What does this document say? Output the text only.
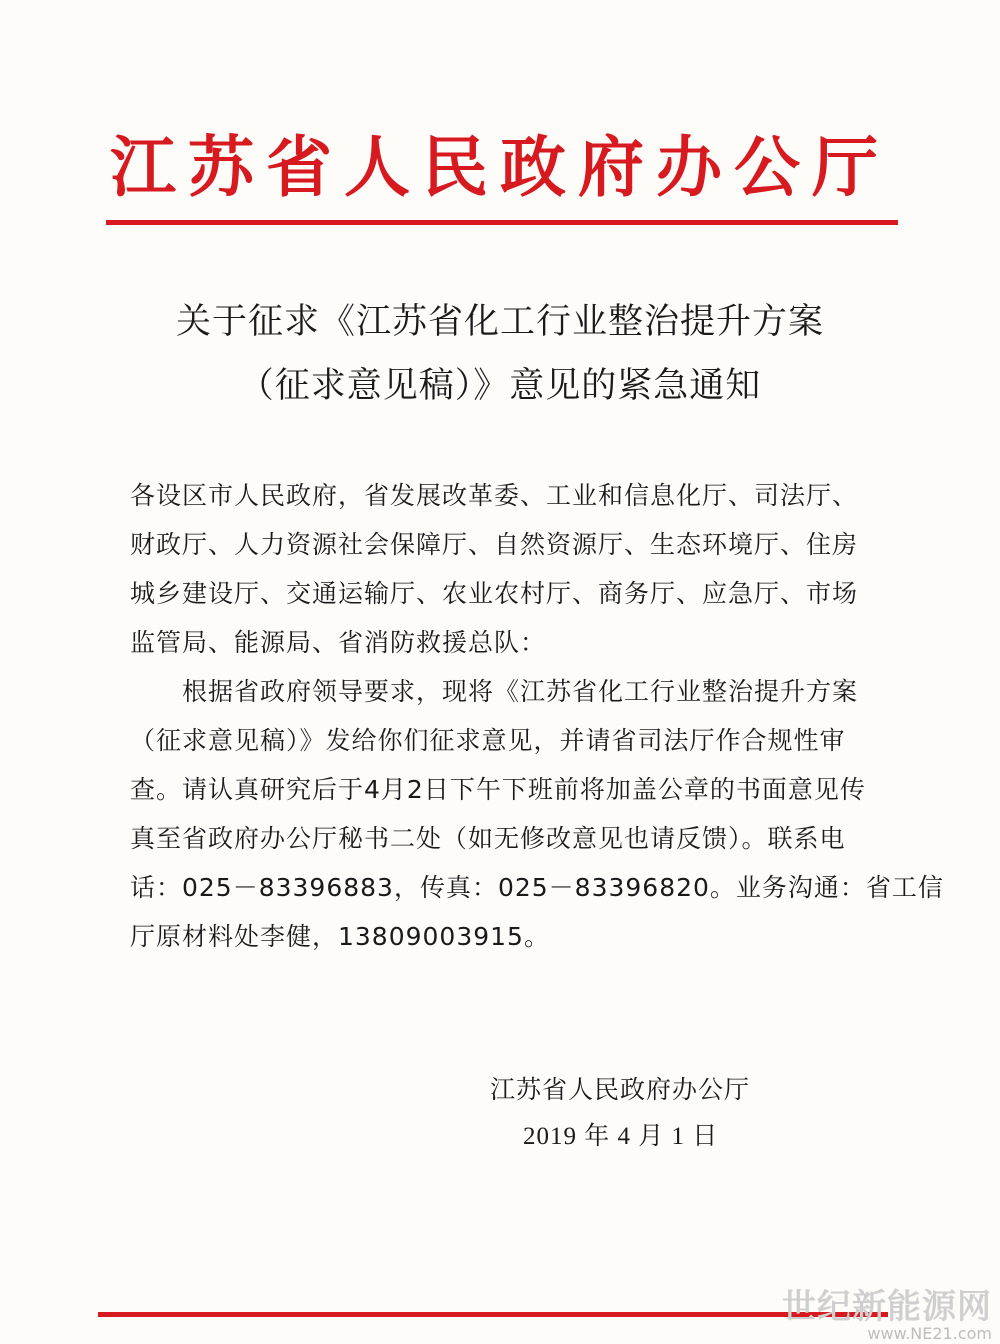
江苏省人民政府办公厅
关于征求《江苏省化工行业整治提升方案
（征求意见稿）》意见的紧急通知
各设区市人民政府，省发展改革委、工业和信息化厅、司法厅、
财政厅、人力资源社会保障厅、自然资源厅、生态环境厅、住房
城乡建设厅、交通运输厅、农业农村厅、商务厅、应急厅、市场
监管局、能源局、省消防救援总队：
　　根据省政府领导要求，现将《江苏省化工行业整治提升方案
（征求意见稿）》发给你们征求意见，并请省司法厅作合规性审
查。请认真研究后于4月2日下午下班前将加盖公章的书面意见传
真至省政府办公厅秘书二处（如无修改意见也请反馈）。联系电
话：025－83396883，传真：025－83396820。业务沟通：省工信
厅原材料处李健，13809003915。
江苏省人民政府办公厅
2019 年 4 月 1 日
世纪新能源网
www.NE21.com
